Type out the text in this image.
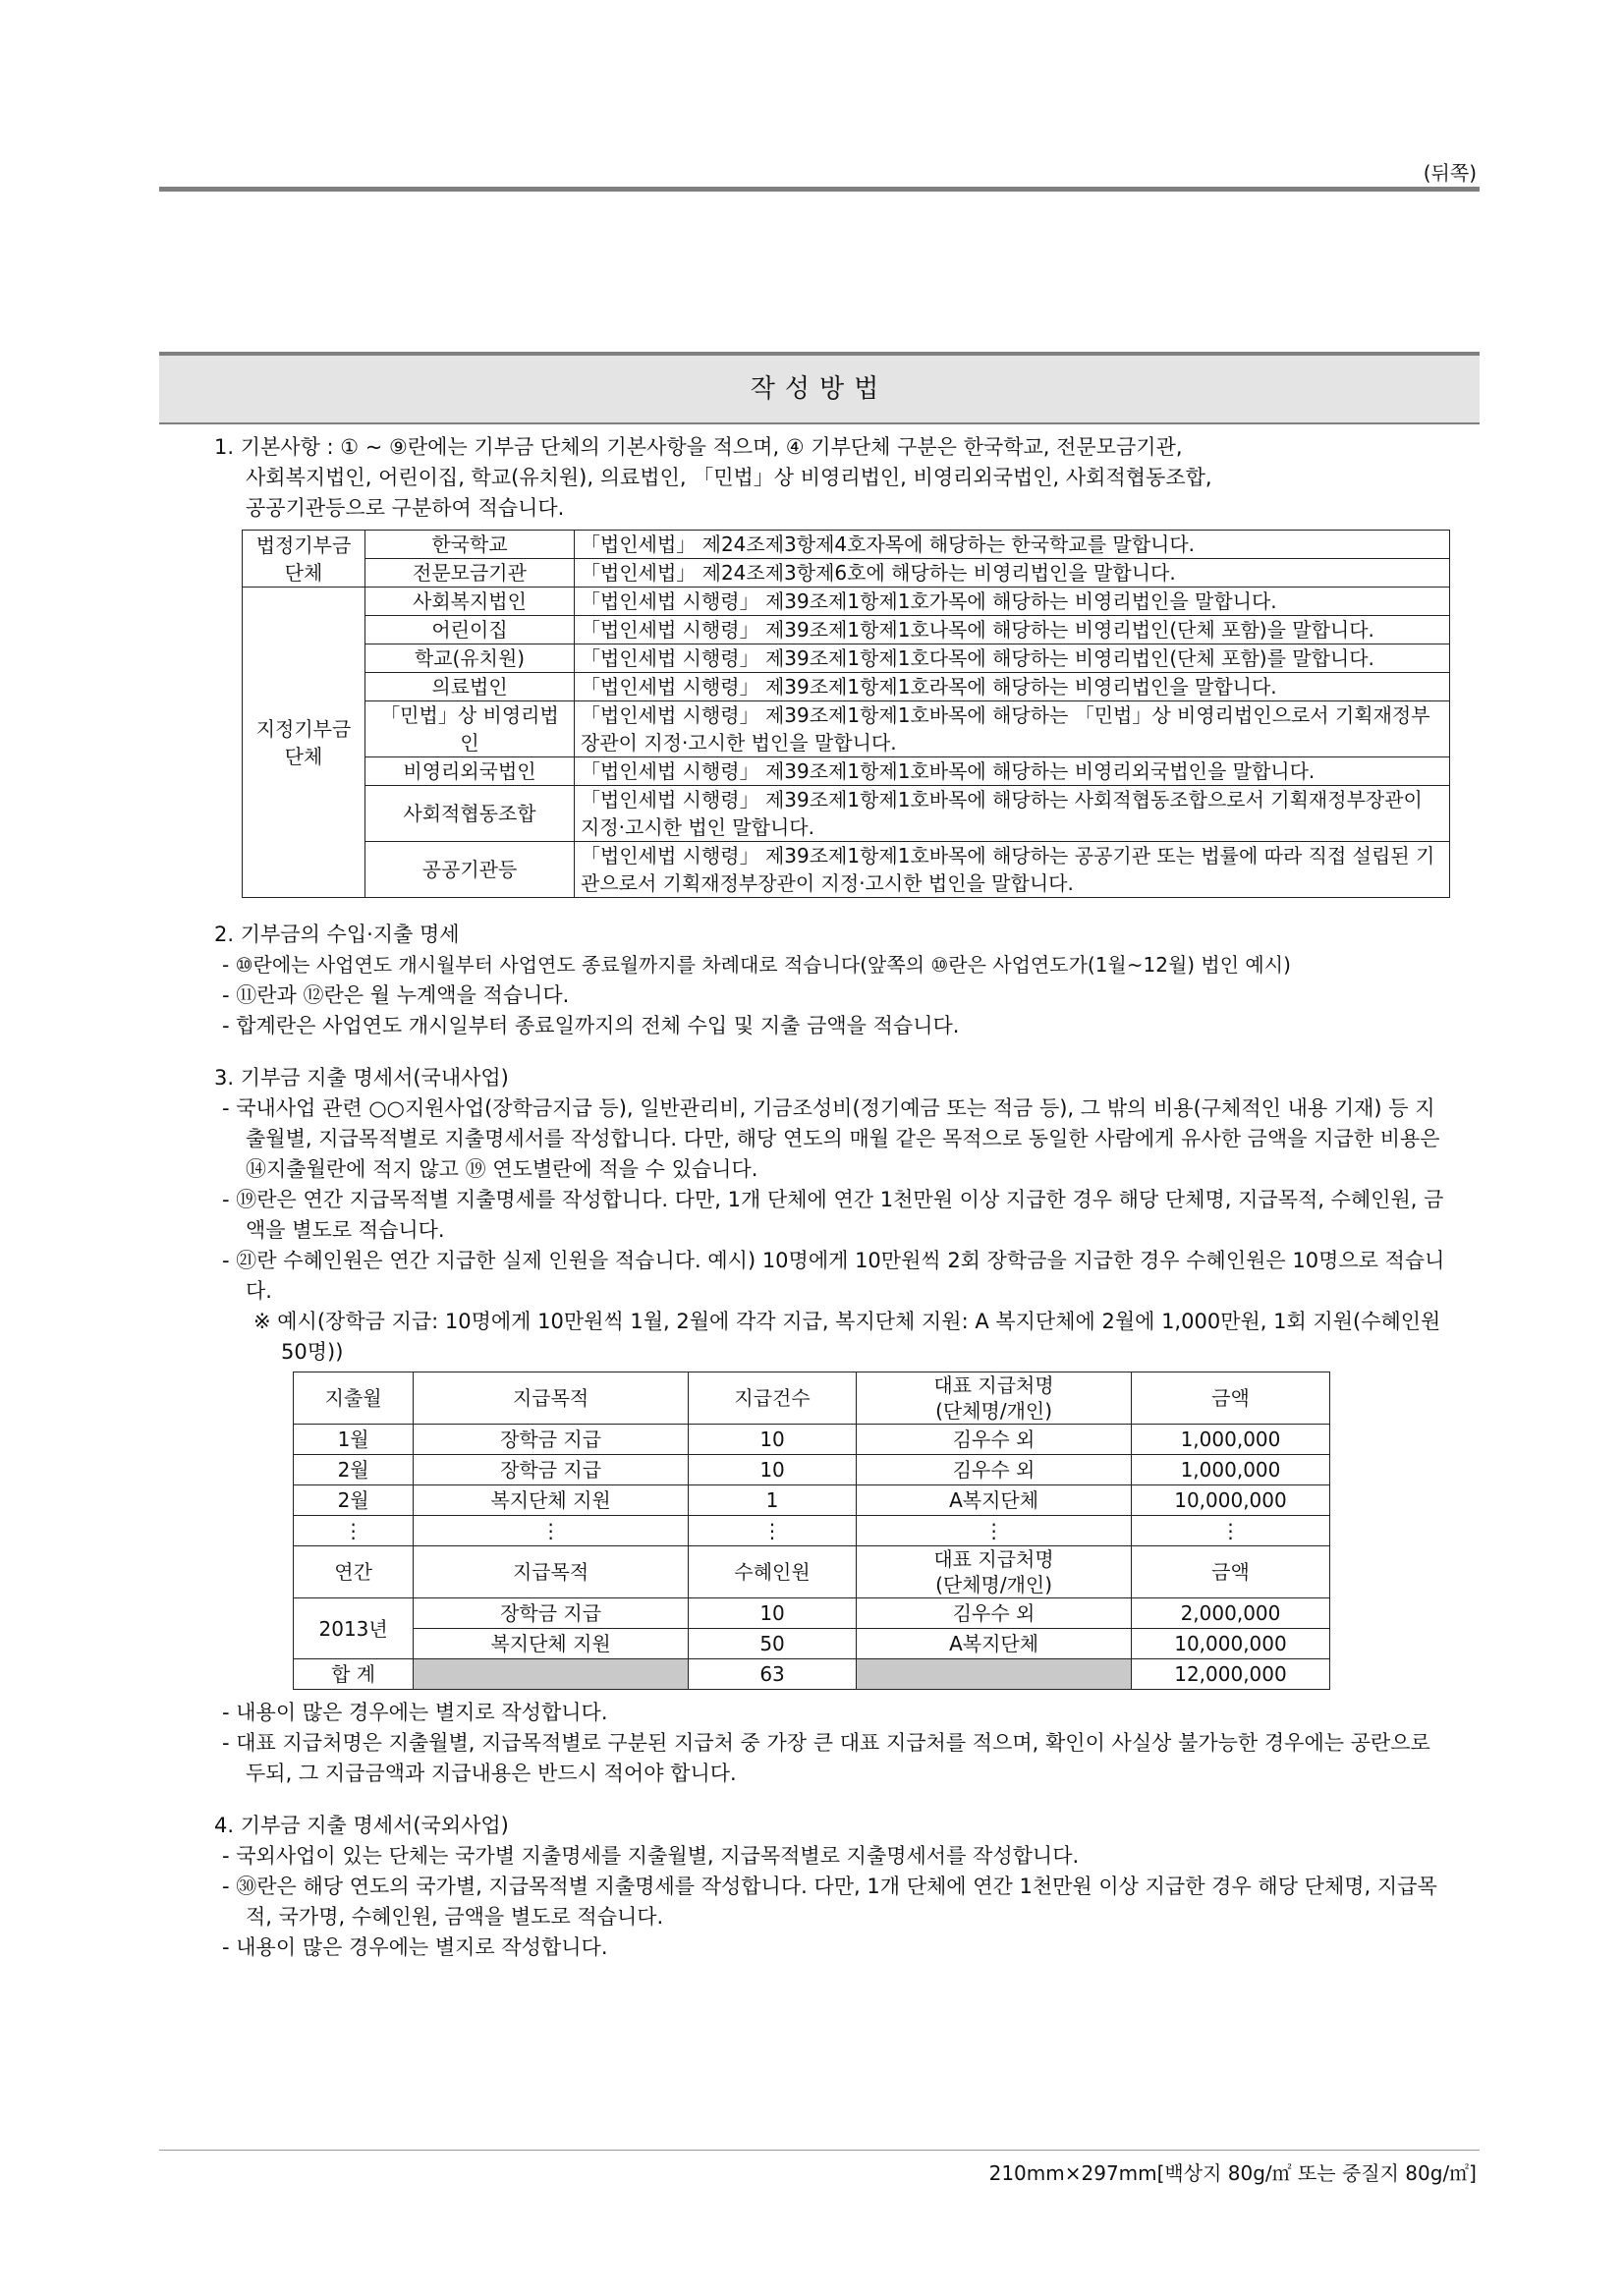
(뒤쪽)
작성방법

1. 기본사항 : ① ~ ⑨란에는 기부금 단체의 기본사항을 적으며, ④ 기부단체 구분은 한국학교, 전문모금기관,

사회복지법인, 어린이집, 학교(유치원), 의료법인, 「민법」상 비영리법인, 비영리외국법인, 사회적협동조합,

공공기관등으로 구분하여 적습니다.

법정기부금 단체	한국학교	「법인세법」 제24조제3항제4호자목에 해당하는 한국학교를 말합니다.
	전문모금기관	「법인세법」 제24조제3항제6호에 해당하는 비영리법인을 말합니다.
지정기부금 단체	사회복지법인	「법인세법 시행령」 제39조제1항제1호가목에 해당하는 비영리법인을 말합니다.
	어린이집	「법인세법 시행령」 제39조제1항제1호나목에 해당하는 비영리법인(단체 포함)을 말합니다.
	학교(유치원)	「법인세법 시행령」 제39조제1항제1호다목에 해당하는 비영리법인(단체 포함)를 말합니다.
	의료법인	「법인세법 시행령」 제39조제1항제1호라목에 해당하는 비영리법인을 말합니다.
	「민법」상 비영리법인	「법인세법 시행령」 제39조제1항제1호바목에 해당하는 「민법」상 비영리법인으로서 기획재정부장관이 지정·고시한 법인을 말합니다.
	비영리외국법인	「법인세법 시행령」 제39조제1항제1호바목에 해당하는 비영리외국법인을 말합니다.
	사회적협동조합	「법인세법 시행령」 제39조제1항제1호바목에 해당하는 사회적협동조합으로서 기획재정부장관이 지정·고시한 법인 말합니다.
	공공기관등	「법인세법 시행령」 제39조제1항제1호바목에 해당하는 공공기관 또는 법률에 따라 직접 설립된 기관으로서 기획재정부장관이 지정·고시한 법인을 말합니다.

2. 기부금의 수입·지출 명세

- ⑩란에는 사업연도 개시월부터 사업연도 종료월까지를 차례대로 적습니다(앞쪽의 ⑩란은 사업연도가(1월~12월) 법인 예시)

- ⑪란과 ⑫란은 월 누계액을 적습니다.

- 합계란은 사업연도 개시일부터 종료일까지의 전체 수입 및 지출 금액을 적습니다.

3. 기부금 지출 명세서(국내사업)

- 국내사업 관련 ○○지원사업(장학금지급 등), 일반관리비, 기금조성비(정기예금 또는 적금 등), 그 밖의 비용(구체적인 내용 기재) 등 지출월별, 지급목적별로 지출명세서를 작성합니다. 다만, 해당 연도의 매월 같은 목적으로 동일한 사람에게 유사한 금액을 지급한 비용은 ⑭지출월란에 적지 않고 ⑲ 연도별란에 적을 수 있습니다.

- ⑲란은 연간 지급목적별 지출명세를 작성합니다. 다만, 1개 단체에 연간 1천만원 이상 지급한 경우 해당 단체명, 지급목적, 수혜인원, 금액을 별도로 적습니다.

- ㉑란 수혜인원은 연간 지급한 실제 인원을 적습니다. 예시) 10명에게 10만원씩 2회 장학금을 지급한 경우 수혜인원은 10명으로 적습니다.

※ 예시(장학금 지급: 10명에게 10만원씩 1월, 2월에 각각 지급, 복지단체 지원: A 복지단체에 2월에 1,000만원, 1회 지원(수혜인원 50명))

지출월	지급목적	지급건수	대표 지급처명
(단체명/개인)	금액
1월	장학금 지급	10	김우수 외	1,000,000
2월	장학금 지급	10	김우수 외	1,000,000
2월	복지단체 지원	1	A복지단체	10,000,000
⋮	⋮	⋮	⋮	⋮
연간	지급목적	수혜인원	대표 지급처명
(단체명/개인)	금액
2013년	장학금 지급	10	김우수 외	2,000,000
	복지단체 지원	50	A복지단체	10,000,000
합 계		63		12,000,000

- 내용이 많은 경우에는 별지로 작성합니다.

- 대표 지급처명은 지출월별, 지급목적별로 구분된 지급처 중 가장 큰 대표 지급처를 적으며, 확인이 사실상 불가능한 경우에는 공란으로 두되, 그 지급금액과 지급내용은 반드시 적어야 합니다.

4. 기부금 지출 명세서(국외사업)

- 국외사업이 있는 단체는 국가별 지출명세를 지출월별, 지급목적별로 지출명세서를 작성합니다.

- ㉚란은 해당 연도의 국가별, 지급목적별 지출명세를 작성합니다. 다만, 1개 단체에 연간 1천만원 이상 지급한 경우 해당 단체명, 지급목적, 국가명, 수혜인원, 금액을 별도로 적습니다.

- 내용이 많은 경우에는 별지로 작성합니다.

210mm×297mm[백상지 80g/㎡ 또는 중질지 80g/㎡]
